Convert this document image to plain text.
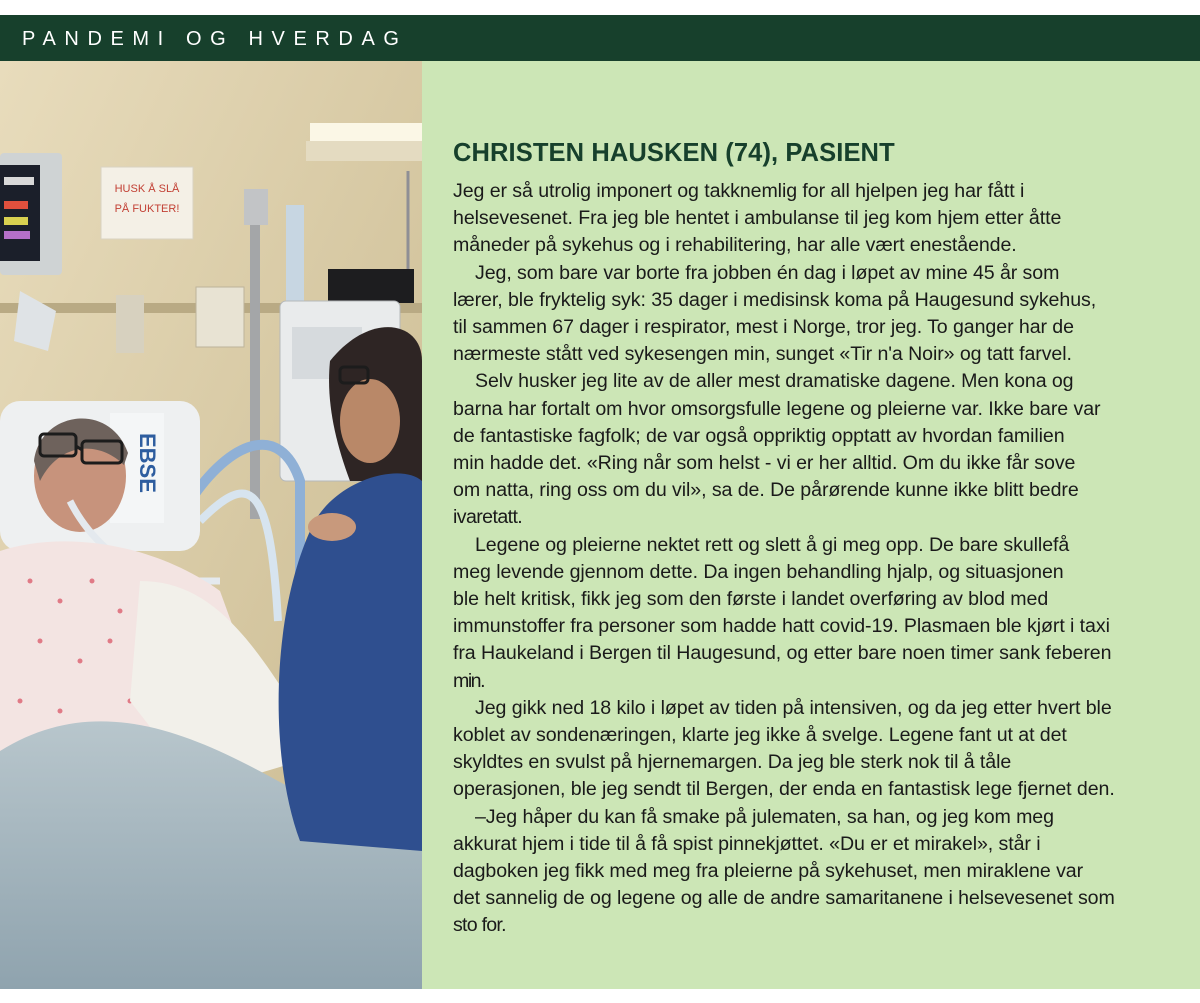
PANDEMI OG HVERDAG
HUSK Å SLÅ
PÅ FUKTER!
EBSE
CHRISTEN HAUSKEN (74), PASIENT
Jeg er så utrolig imponert og takknemlig for all hjelpen jeg har fått i
helsevesenet. Fra jeg ble hentet i ambulanse til jeg kom hjem etter åtte
måneder på sykehus og i rehabilitering, har alle vært enestående.
Jeg, som bare var borte fra jobben én dag i løpet av mine 45 år som
lærer, ble fryktelig syk: 35 dager i medisinsk koma på Haugesund sykehus,
til sammen 67 dager i respirator, mest i Norge, tror jeg. To ganger har de
nærmeste stått ved sykesengen min, sunget «Tir n'a Noir» og tatt farvel.
Selv husker jeg lite av de aller mest dramatiske dagene. Men kona og
barna har fortalt om hvor omsorgsfulle legene og pleierne var. Ikke bare var
de fantastiske fagfolk; de var også oppriktig opptatt av hvordan familien
min hadde det. «Ring når som helst - vi er her alltid. Om du ikke får sove
om natta, ring oss om du vil», sa de. De pårørende kunne ikke blitt bedre
ivaretatt.
Legene og pleierne nektet rett og slett å gi meg opp. De bare skullefå
meg levende gjennom dette. Da ingen behandling hjalp, og situasjonen
ble helt kritisk, fikk jeg som den første i landet overføring av blod med
immunstoffer fra personer som hadde hatt covid-19. Plasmaen ble kjørt i taxi
fra Haukeland i Bergen til Haugesund, og etter bare noen timer sank feberen
min.
Jeg gikk ned 18 kilo i løpet av tiden på intensiven, og da jeg etter hvert ble
koblet av sondenæringen, klarte jeg ikke å svelge. Legene fant ut at det
skyldtes en svulst på hjernemargen. Da jeg ble sterk nok til å tåle
operasjonen, ble jeg sendt til Bergen, der enda en fantastisk lege fjernet den.
–Jeg håper du kan få smake på julematen, sa han, og jeg kom meg
akkurat hjem i tide til å få spist pinnekjøttet. «Du er et mirakel», står i
dagboken jeg fikk med meg fra pleierne på sykehuset, men miraklene var
det sannelig de og legene og alle de andre samaritanene i helsevesenet som
sto for.
